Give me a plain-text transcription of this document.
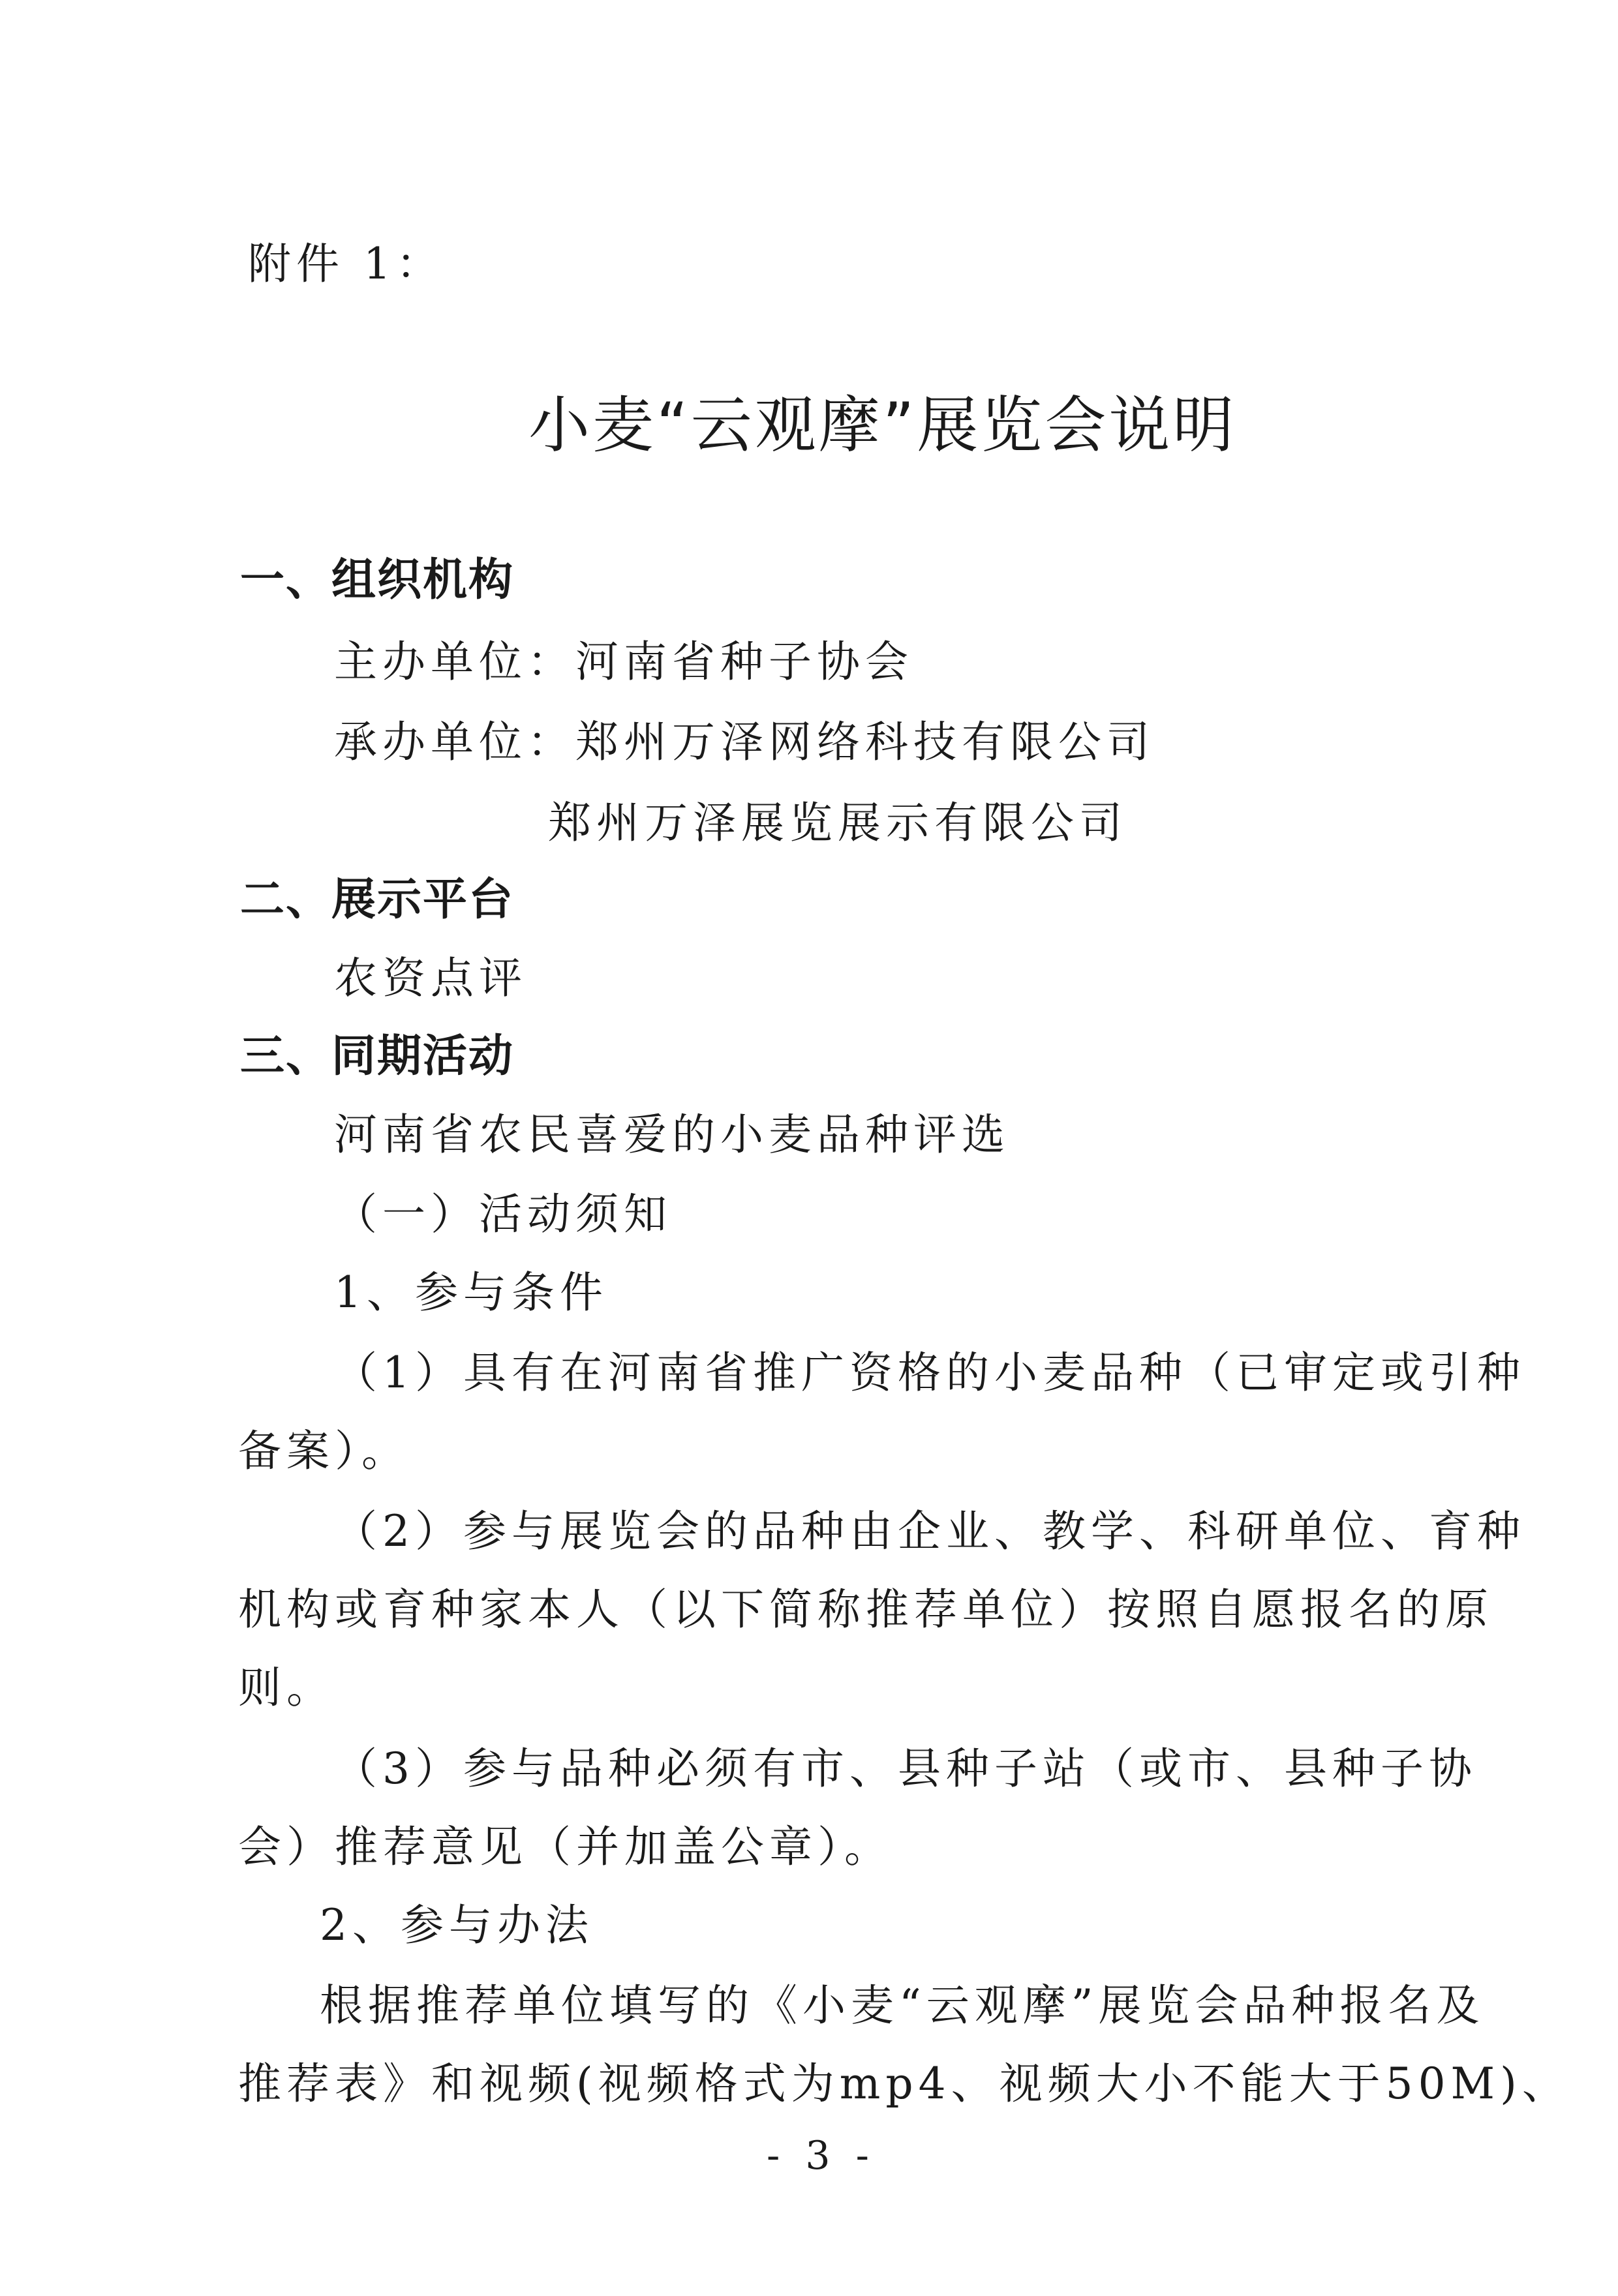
附件 1：
小麦“云观摩”展览会说明
一、组织机构
主办单位：河南省种子协会
承办单位：郑州万泽网络科技有限公司
郑州万泽展览展示有限公司
二、展示平台
农资点评
三、同期活动
河南省农民喜爱的小麦品种评选
（一）活动须知
1、参与条件
（1）具有在河南省推广资格的小麦品种（已审定或引种
备案）。
（2）参与展览会的品种由企业、教学、科研单位、育种
机构或育种家本人（以下简称推荐单位）按照自愿报名的原
则。
（3）参与品种必须有市、县种子站（或市、县种子协
会）推荐意见（并加盖公章）。
2、参与办法
根据推荐单位填写的《小麦“云观摩”展览会品种报名及
推荐表》和视频(视频格式为mp4、视频大小不能大于50M)、
- 3 -
